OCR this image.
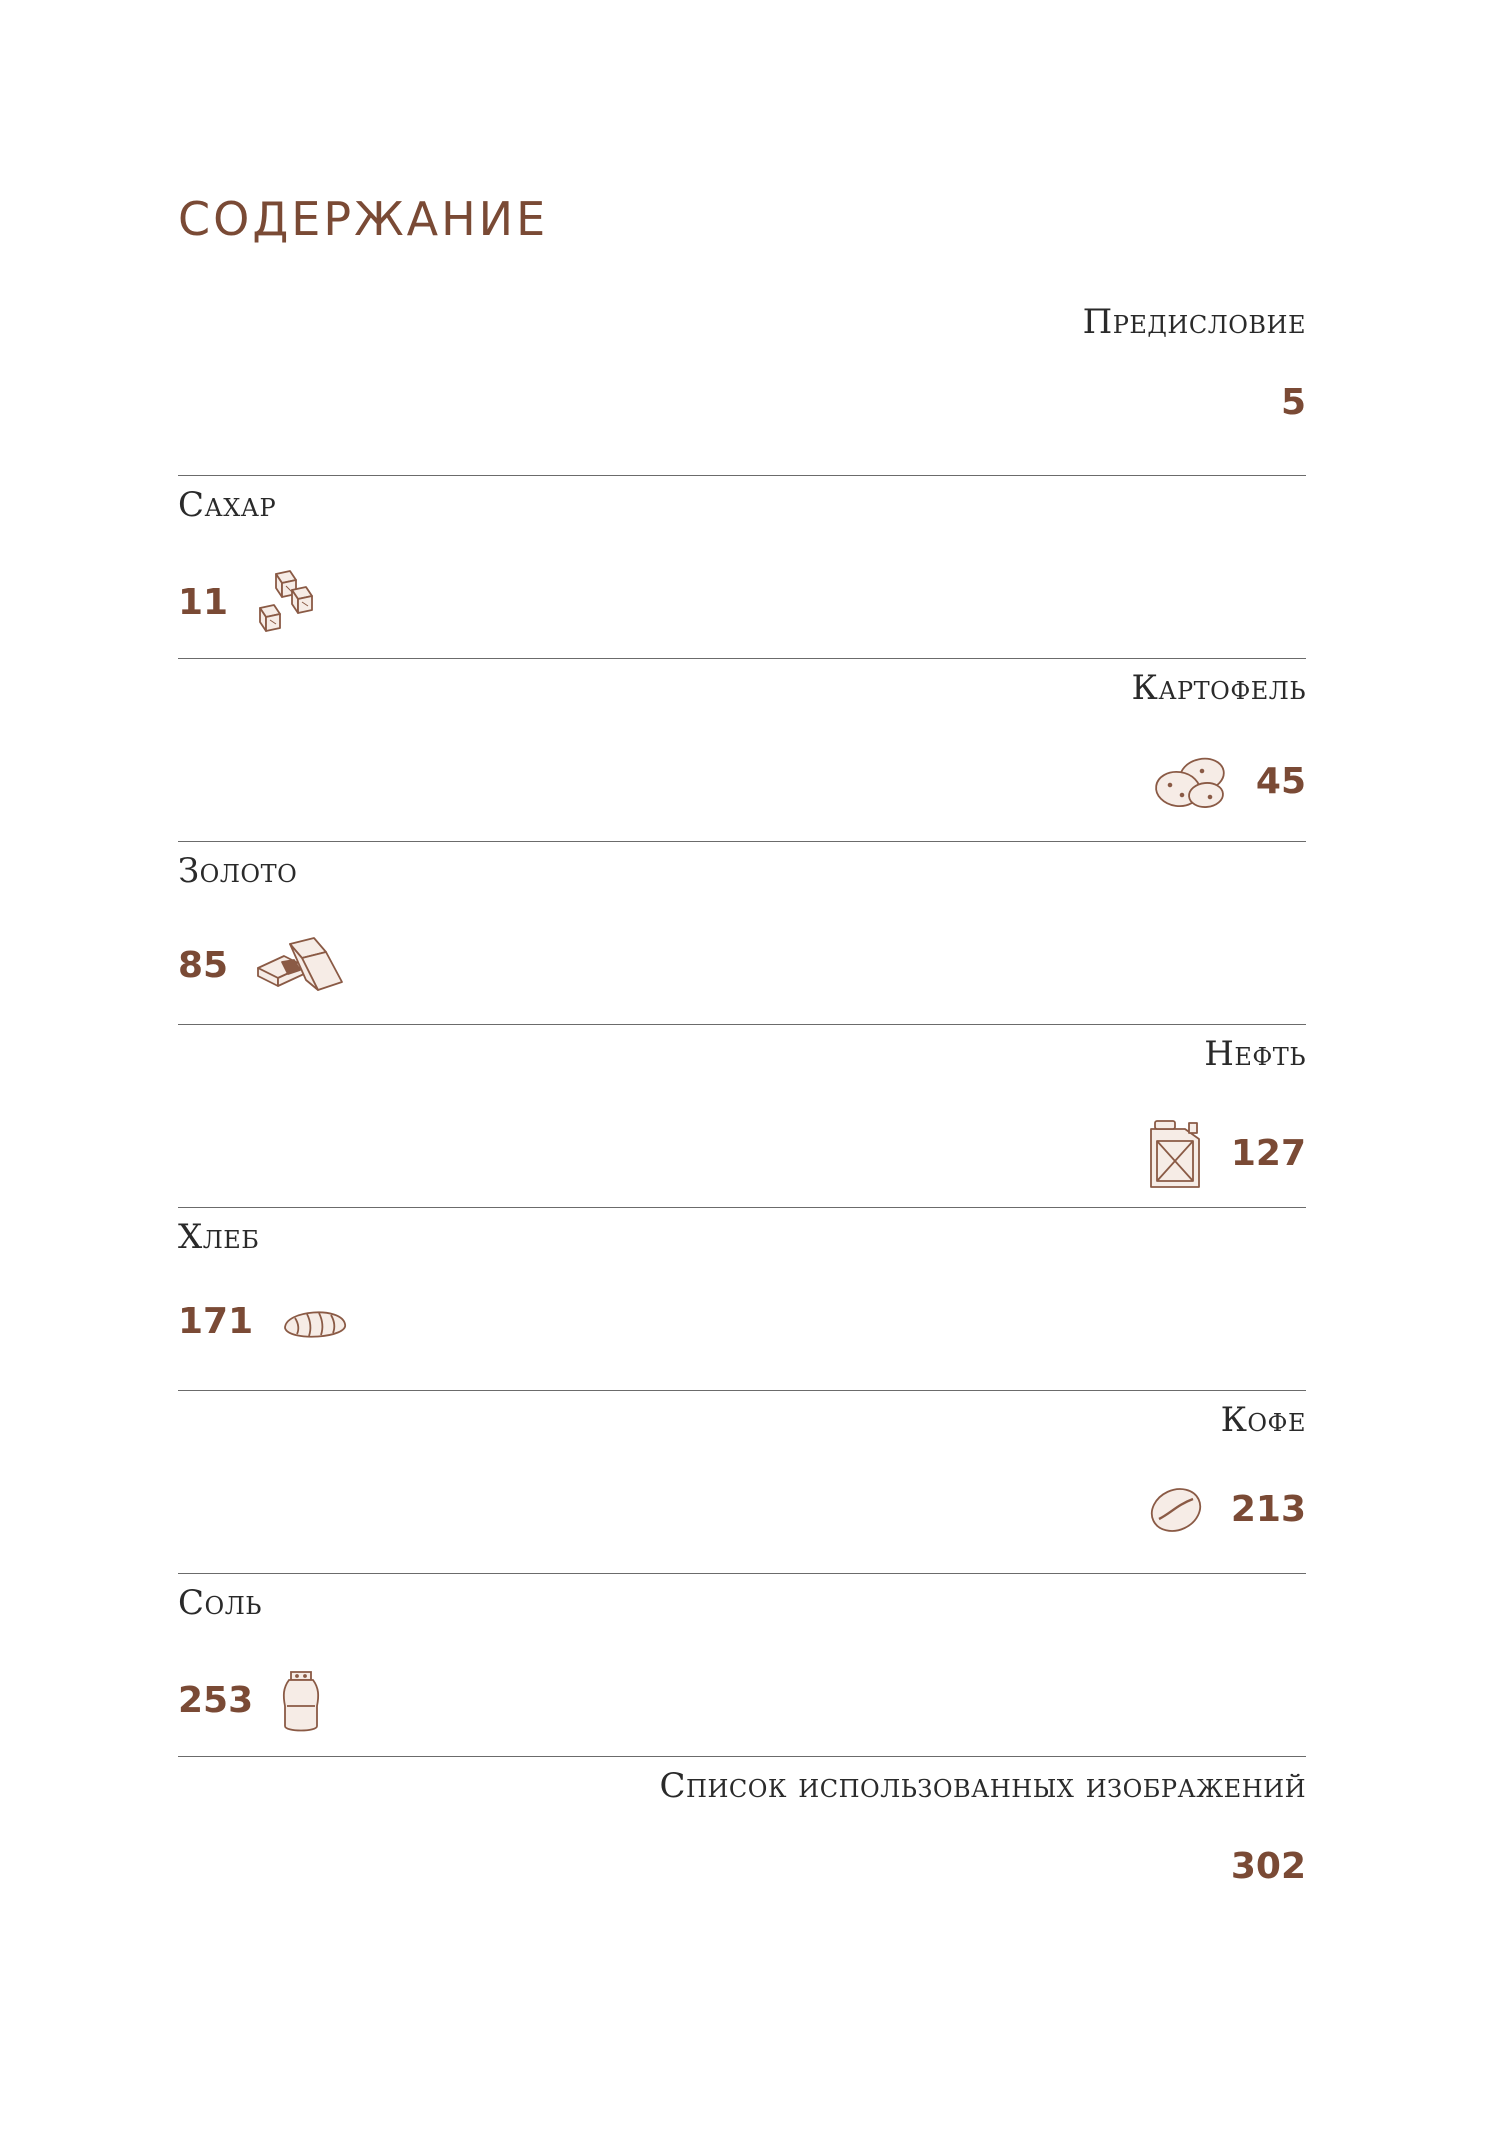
СОДЕРЖАНИЕ
Предисловие
5
Сахар
11
Картофель
45
Золото
85
Нефть
127
Хлеб
171
Кофе
213
Соль
253
Список использованных изображений
302
